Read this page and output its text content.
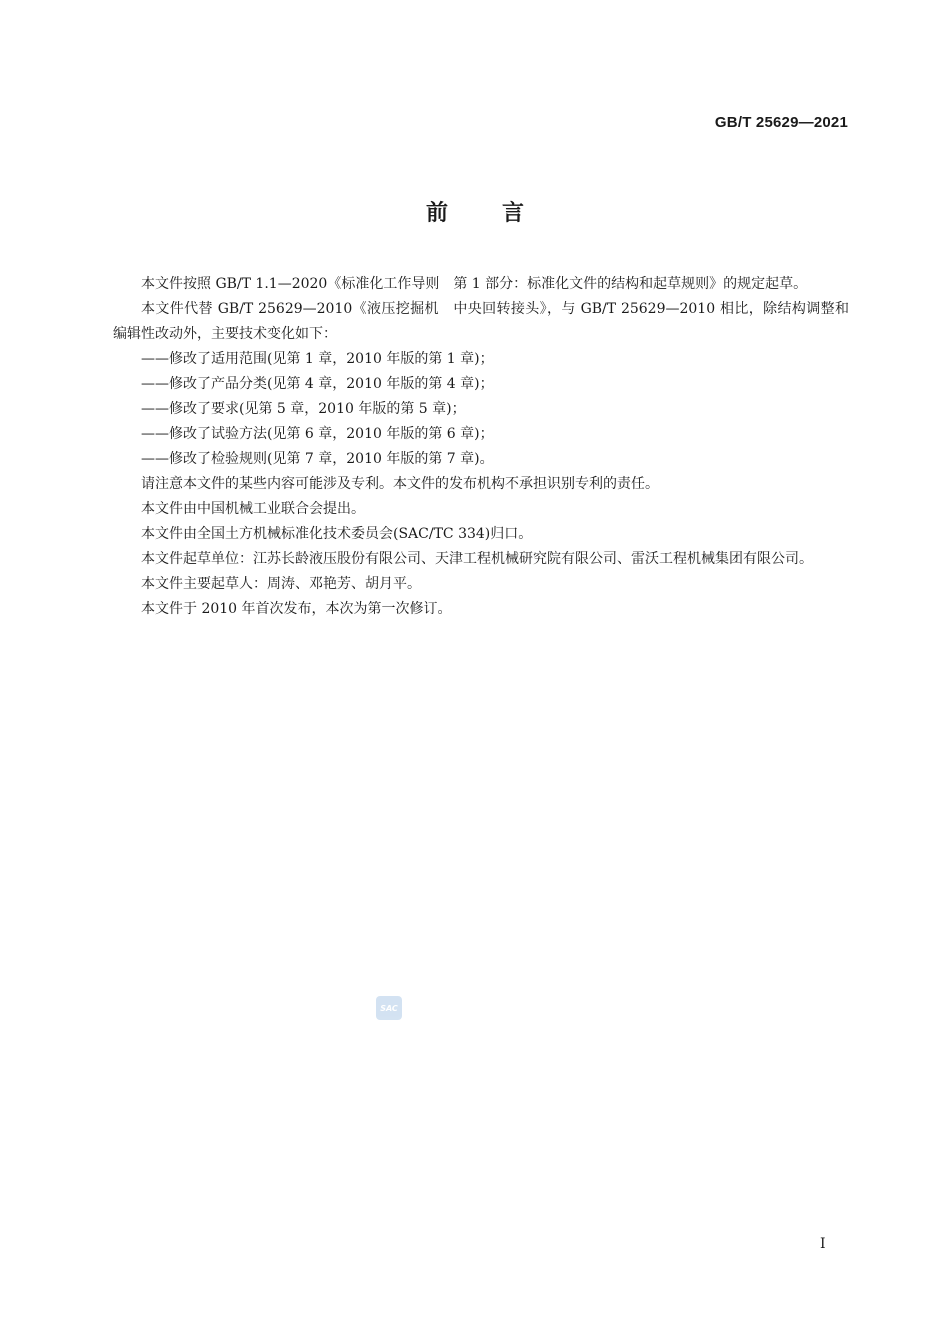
GB/T 25629—2021
前言

本文件按照 GB/T 1.1—2020《标准化工作导则　第 1 部分：标准化文件的结构和起草规则》的规定起草。

本文件代替 GB/T 25629—2010《液压挖掘机　中央回转接头》，与 GB/T 25629—2010 相比，除结构调整和编辑性改动外，主要技术变化如下：

——修改了适用范围(见第 1 章，2010 年版的第 1 章)；
——修改了产品分类(见第 4 章，2010 年版的第 4 章)；
——修改了要求(见第 5 章，2010 年版的第 5 章)；
——修改了试验方法(见第 6 章，2010 年版的第 6 章)；
——修改了检验规则(见第 7 章，2010 年版的第 7 章)。

请注意本文件的某些内容可能涉及专利。本文件的发布机构不承担识别专利的责任。

本文件由中国机械工业联合会提出。

本文件由全国土方机械标准化技术委员会(SAC/TC 334)归口。

本文件起草单位：江苏长龄液压股份有限公司、天津工程机械研究院有限公司、雷沃工程机械集团有限公司。

本文件主要起草人：周涛、邓艳芳、胡月平。

本文件于 2010 年首次发布，本次为第一次修订。

SAC
I
